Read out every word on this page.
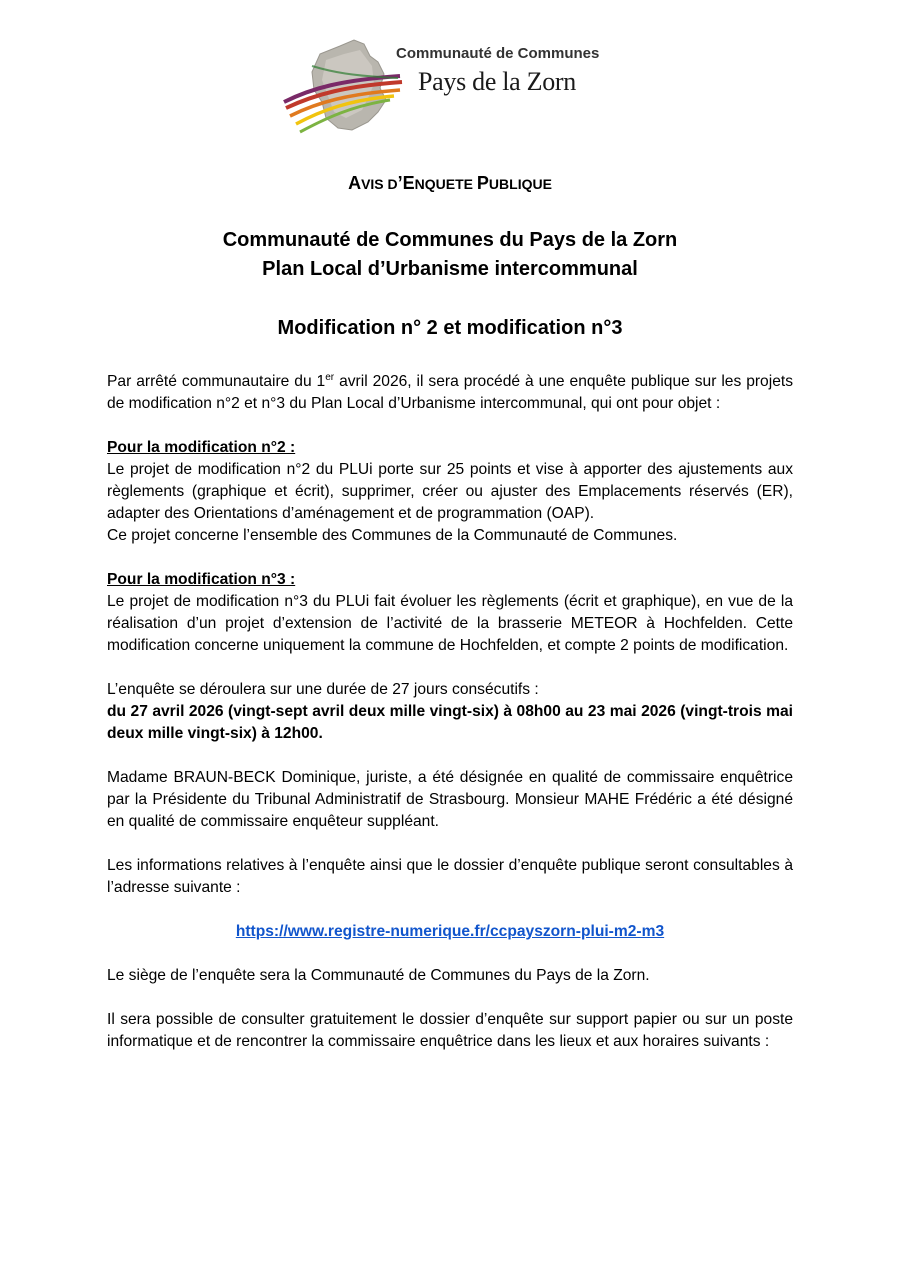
Communauté de Communes
Pays de la Zorn
AVIS D’ENQUETE PUBLIQUE
Communauté de Communes du Pays de la Zorn
Plan Local d’Urbanisme intercommunal
Modification n° 2 et modification n°3

Par arrêté communautaire du 1er avril 2026, il sera procédé à une enquête publique sur les projets de modification n°2 et n°3 du Plan Local d’Urbanisme intercommunal, qui ont pour objet :

Pour la modification n°2 :

Le projet de modification n°2 du PLUi porte sur 25 points et vise à apporter des ajustements aux règlements (graphique et écrit), supprimer, créer ou ajuster des Emplacements réservés (ER), adapter des Orientations d’aménagement et de programmation (OAP).

Ce projet concerne l’ensemble des Communes de la Communauté de Communes.

Pour la modification n°3 :

Le projet de modification n°3 du PLUi fait évoluer les règlements (écrit et graphique), en vue de la réalisation d’un projet d’extension de l’activité de la brasserie METEOR à Hochfelden. Cette modification concerne uniquement la commune de Hochfelden, et compte 2 points de modification.

L’enquête se déroulera sur une durée de 27 jours consécutifs :

du 27 avril 2026 (vingt-sept avril deux mille vingt-six) à 08h00 au 23 mai 2026 (vingt-trois mai deux mille vingt-six) à 12h00.

Madame BRAUN-BECK Dominique, juriste, a été désignée en qualité de commissaire enquêtrice par la Présidente du Tribunal Administratif de Strasbourg. Monsieur MAHE Frédéric a été désigné en qualité de commissaire enquêteur suppléant.

Les informations relatives à l’enquête ainsi que le dossier d’enquête publique seront consultables à l’adresse suivante :

https://www.registre-numerique.fr/ccpayszorn-plui-m2-m3

Le siège de l’enquête sera la Communauté de Communes du Pays de la Zorn.

Il sera possible de consulter gratuitement le dossier d’enquête sur support papier ou sur un poste informatique et de rencontrer la commissaire enquêtrice dans les lieux et aux horaires suivants :
